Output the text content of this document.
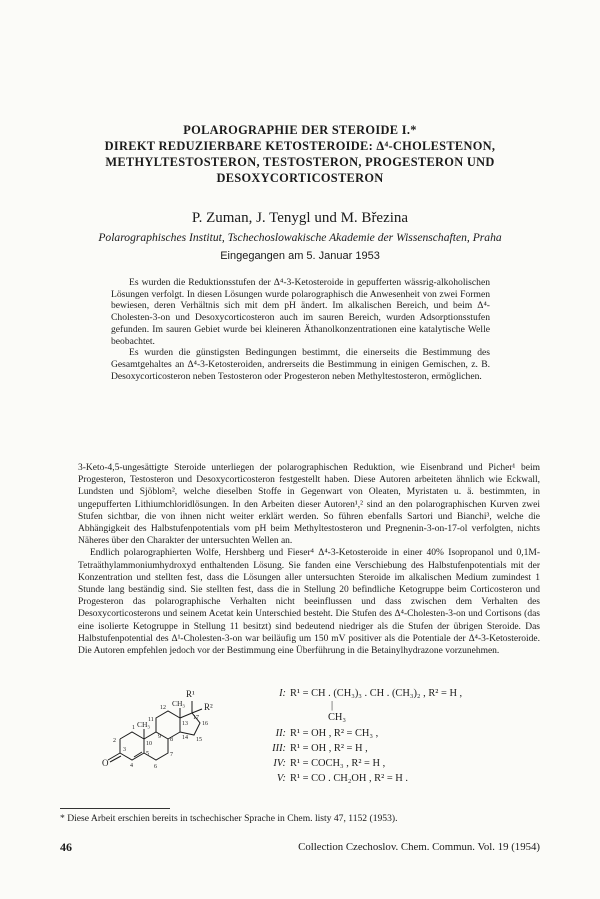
POLAROGRAPHIE DER STEROIDE I.*
DIREKT REDUZIERBARE KETOSTEROIDE: Δ⁴-CHOLESTENON,
METHYLTESTOSTERON, TESTOSTERON, PROGESTERON UND
DESOXYCORTICOSTERON
P. Zuman, J. Tenygl und M. Březina
Polarographisches Institut, Tschechoslowakische Akademie der Wissenschaften, Praha
Eingegangen am 5. Januar 1953

Es wurden die Reduktionsstufen der Δ⁴-3-Ketosteroide in gepufferten wässrig-alkoholischen Lösungen verfolgt. In diesen Lösungen wurde polarographisch die Anwesenheit von zwei Formen bewiesen, deren Verhältnis sich mit dem pH ändert. Im alkalischen Bereich, und beim Δ⁴-Cholesten-3-on und Desoxycorticosteron auch im sauren Bereich, wurden Adsorptionsstufen gefunden. Im sauren Gebiet wurde bei kleineren Äthanolkonzentrationen eine katalytische Welle beobachtet.

Es wurden die günstigsten Bedingungen bestimmt, die einerseits die Bestimmung des Gesamtgehaltes an Δ⁴-3-Ketosteroiden, andrerseits die Bestimmung in einigen Gemischen, z. B. Desoxycorticosteron neben Testosteron oder Progesteron neben Methyltestosteron, ermöglichen.

3-Keto-4,5-ungesättigte Steroide unterliegen der polarographischen Reduktion, wie Eisenbrand und Picher¹ beim Progesteron, Testosteron und Desoxycorticosteron festgestellt haben. Diese Autoren arbeiteten ähnlich wie Eckwall, Lundsten und Sjöblom², welche dieselben Stoffe in Gegenwart von Oleaten, Myristaten u. ä. bestimmten, in ungepufferten Lithiumchloridlösungen. In den Arbeiten dieser Autoren¹,² sind an den polarographischen Kurven zwei Stufen sichtbar, die von ihnen nicht weiter erklärt werden. So führen ebenfalls Sartori und Bianchi³, welche die Abhängigkeit des Halbstufenpotentials vom pH beim Methyltestosteron und Pregnenin-3-on-17-ol verfolgten, nichts Näheres über den Charakter der untersuchten Wellen an.

Endlich polarographierten Wolfe, Hershberg und Fieser⁴ Δ⁴-3-Ketosteroide in einer 40% Isopropanol und 0,1M-Tetraäthylammoniumhydroxyd enthaltenden Lösung. Sie fanden eine Verschiebung des Halbstufenpotentials mit der Konzentration und stellten fest, dass die Lösungen aller untersuchten Steroide im alkalischen Medium zumindest 1 Stunde lang beständig sind. Sie stellten fest, dass die in Stellung 20 befindliche Ketogruppe beim Corticosteron und Progesteron das polarographische Verhalten nicht beeinflussen und dass zwischen dem Verhalten des Desoxycorticosterons und seinem Acetat kein Unterschied besteht. Die Stufen des Δ⁴-Cholesten-3-on und Cortisons (das eine isolierte Ketogruppe in Stellung 11 besitzt) sind bedeutend niedriger als die Stufen der übrigen Steroide. Das Halbstufenpotential des Δ¹-Cholesten-3-on war beiläufig um 150 mV positiver als die Potentiale der Δ⁴-3-Ketosteroide. Die Autoren empfehlen jedoch vor der Bestimmung eine Überführung in die Betainylhydrazone vorzunehmen.

O
R¹
R²
CH₃
CH₃
1
2
3
4
5
6
7
8
9
10
11
12
13
14 15
16
17
I: R¹ = CH . (CH₃)₃ . CH . (CH₃)₂ , R² = H ,
|
CH₃
II: R¹ = OH , R² = CH₃ ,
III: R¹ = OH , R² = H ,
IV: R¹ = COCH₃ , R² = H ,
V: R¹ = CO . CH₂OH , R² = H .
* Diese Arbeit erschien bereits in tschechischer Sprache in Chem. listy 47, 1152 (1953).
46	Collection Czechoslov. Chem. Commun. Vol. 19 (1954)
